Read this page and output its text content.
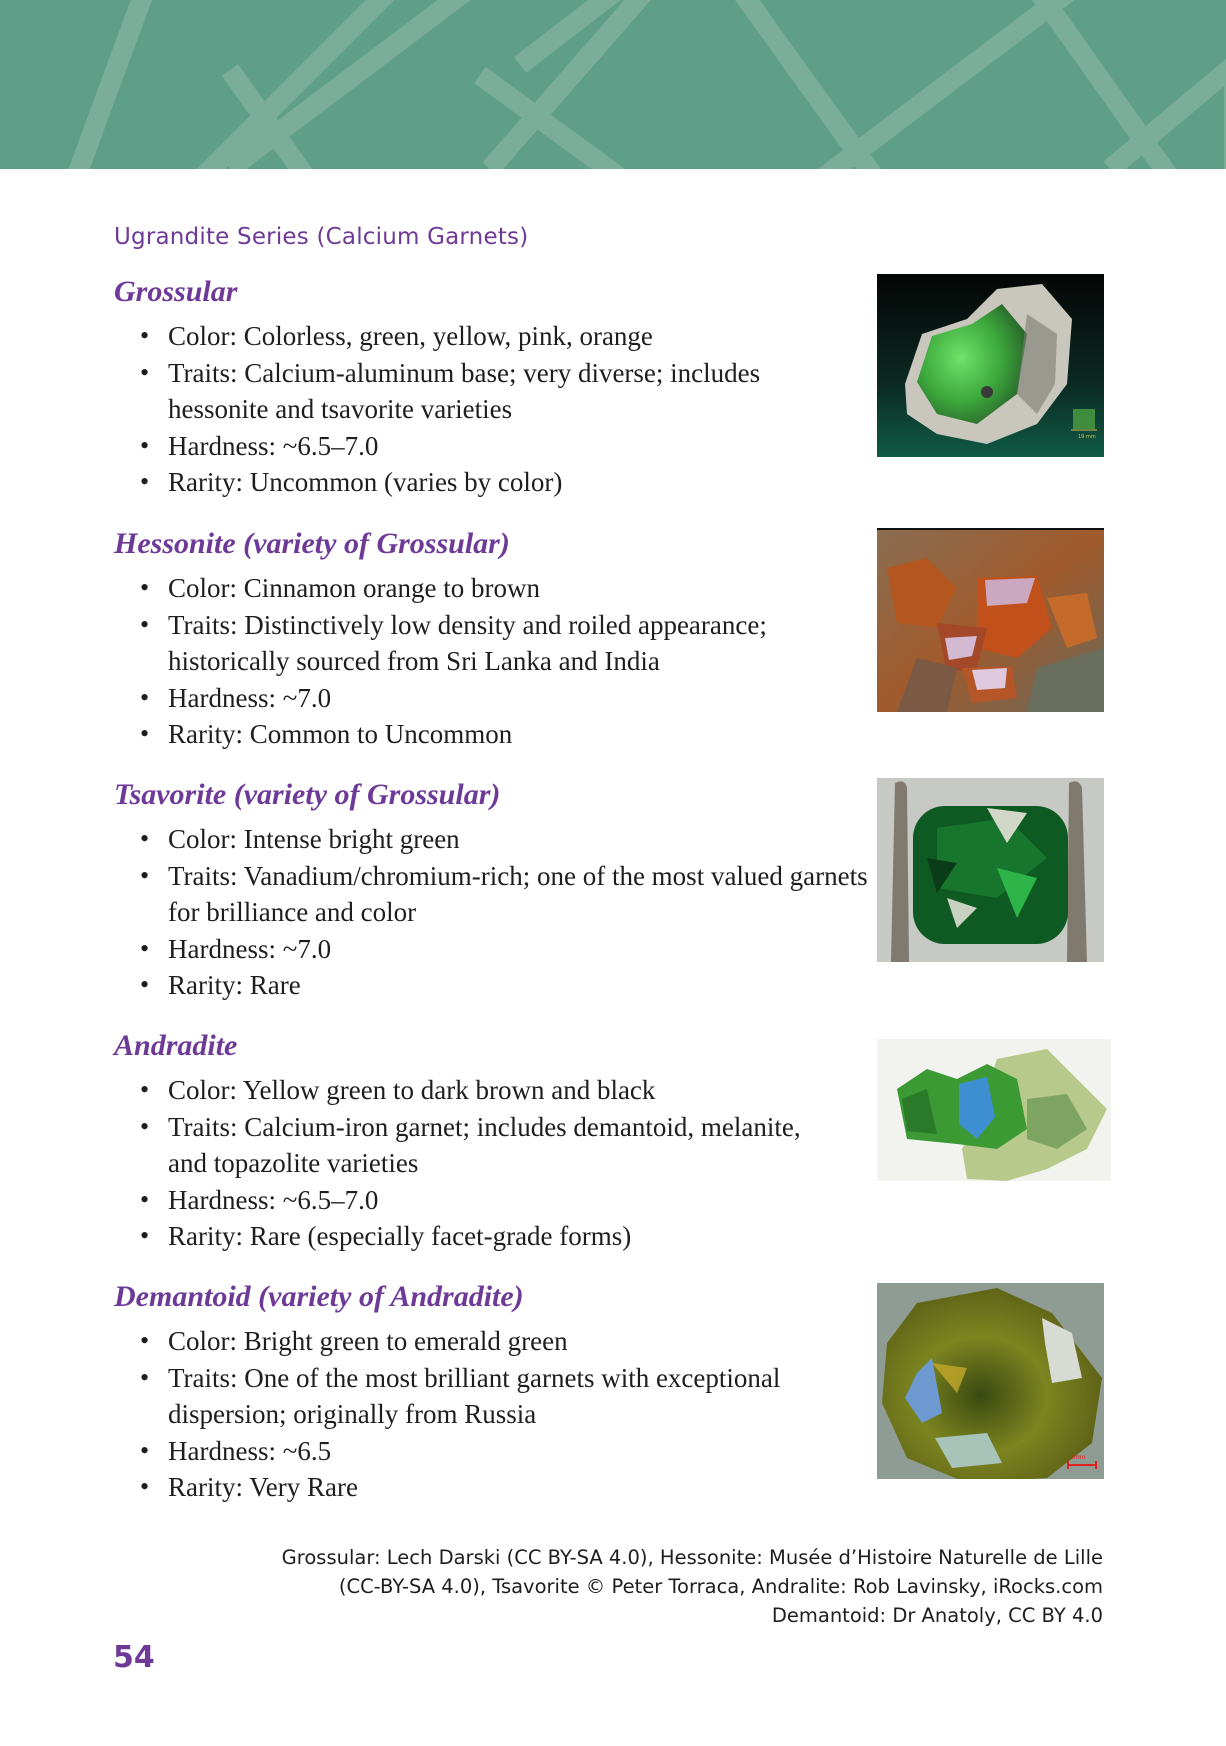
Ugrandite Series (Calcium Garnets)
Grossular
• Color: Colorless, green, yellow, pink, orange
• Traits: Calcium-aluminum base; very diverse; includes hessonite and tsavorite varieties
• Hardness: ~6.5–7.0
• Rarity: Uncommon (varies by color)
Hessonite (variety of Grossular)
• Color: Cinnamon orange to brown
• Traits: Distinctively low density and roiled appearance; historically sourced from Sri Lanka and India
• Hardness: ~7.0
• Rarity: Common to Uncommon
Tsavorite (variety of Grossular)
• Color: Intense bright green
• Traits: Vanadium/chromium-rich; one of the most valued garnets for brilliance and color
• Hardness: ~7.0
• Rarity: Rare
Andradite
• Color: Yellow green to dark brown and black
• Traits: Calcium-iron garnet; includes demantoid, melanite, and topazolite varieties
• Hardness: ~6.5–7.0
• Rarity: Rare (especially facet-grade forms)
Demantoid (variety of Andradite)
• Color: Bright green to emerald green
• Traits: One of the most brilliant garnets with exceptional dispersion; originally from Russia
• Hardness: ~6.5
• Rarity: Very Rare
19 mm
1mm
Grossular: Lech Darski (CC BY-SA 4.0), Hessonite: Musée d’Histoire Naturelle de Lille
(CC-BY-SA 4.0), Tsavorite © Peter Torraca, Andralite: Rob Lavinsky, iRocks.com
Demantoid: Dr Anatoly, CC BY 4.0
54
